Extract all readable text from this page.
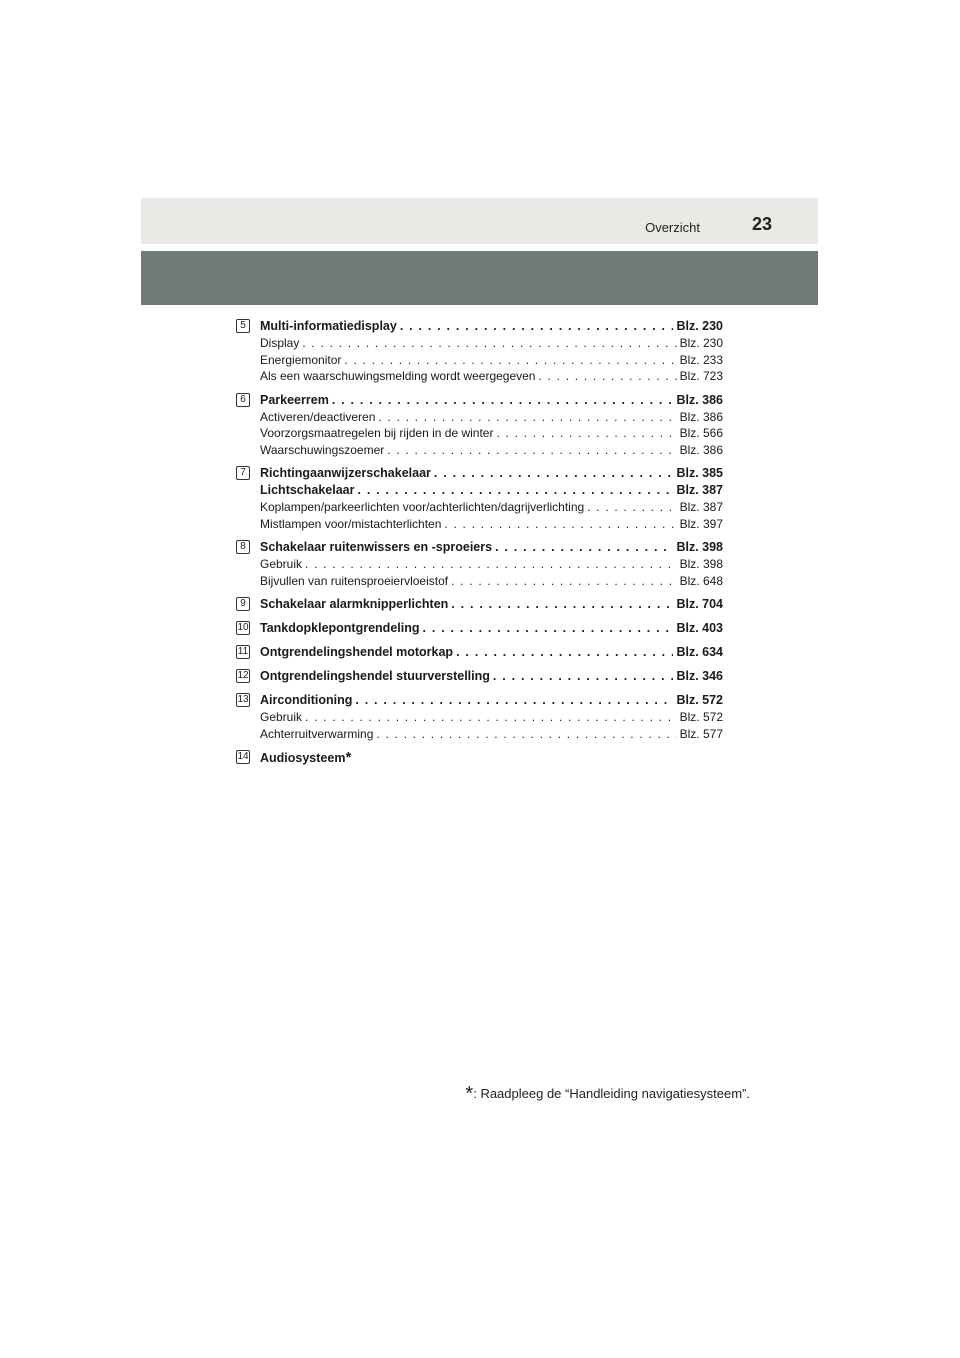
Overzicht	23
5	Multi-informatiedisplay . . .	Blz. 230
Display . . .	Blz. 230
Energiemonitor . . .	Blz. 233
Als een waarschuwingsmelding wordt weergegeven . . .	Blz. 723
6	Parkeerrem . . .	Blz. 386
Activeren/deactiveren . . .	Blz. 386
Voorzorgsmaatregelen bij rijden in de winter . . .	Blz. 566
Waarschuwingszoemer . . .	Blz. 386
7	Richtingaanwijzerschakelaar . . .	Blz. 385
Lichtschakelaar . . .	Blz. 387
Koplampen/parkeerlichten voor/achterlichten/dagrijverlichting . . .	Blz. 387
Mistlampen voor/mistachterlichten . . .	Blz. 397
8	Schakelaar ruitenwissers en -sproeiers . . .	Blz. 398
Gebruik . . .	Blz. 398
Bijvullen van ruitensproeiervloeistof . . .	Blz. 648
9	Schakelaar alarmknipperlichten . . .	Blz. 704
10 Tankdopklepontgrendeling . . .	Blz. 403
11 Ontgrendelingshendel motorkap . . .	Blz. 634
12 Ontgrendelingshendel stuurverstelling . . .	Blz. 346
13 Airconditioning . . .	Blz. 572
Gebruik . . .	Blz. 572
Achterruitverwarming . . .	Blz. 577
14 Audiosysteem *
*: Raadpleeg de “Handleiding navigatiesysteem”.
